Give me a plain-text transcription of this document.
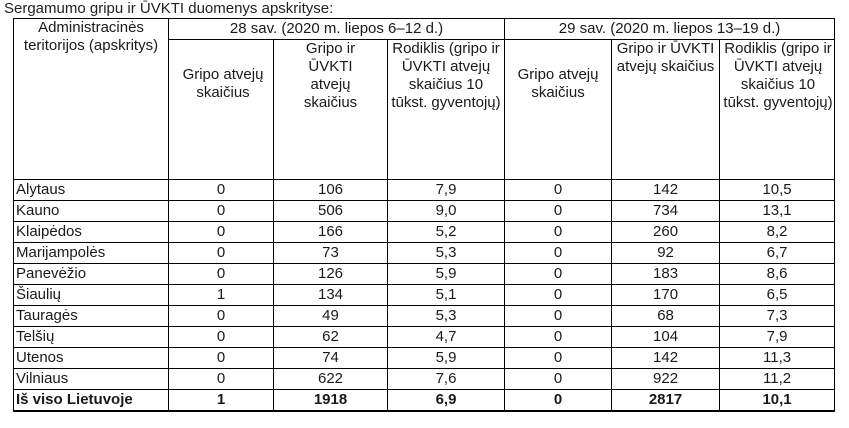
Sergamumo gripu ir ŪVKTI duomenys apskrityse:
Administracinės teritorijos (apskritys)	28 sav. (2020 m. liepos 6–12 d.)			29 sav. (2020 m. liepos 13–19 d.)		

	Gripo atvejų skaičius	Gripo ir ŪVKTI atvejų skaičius	Rodiklis (gripo ir ŪVKTI atvejų skaičius 10 tūkst. gyventojų)	Gripo atvejų skaičius	Gripo ir ŪVKTI atvejų skaičius	Rodiklis (gripo ir ŪVKTI atvejų skaičius 10 tūkst. gyventojų)

Alytaus	0	106	7,9	0	142	10,5
Kauno	0	506	9,0	0	734	13,1
Klaipėdos	0	166	5,2	0	260	8,2
Marijampolės	0	73	5,3	0	92	6,7
Panevėžio	0	126	5,9	0	183	8,6
Šiaulių	1	134	5,1	0	170	6,5
Tauragės	0	49	5,3	0	68	7,3
Telšių	0	62	4,7	0	104	7,9
Utenos	0	74	5,9	0	142	11,3
Vilniaus	0	622	7,6	0	922	11,2
Iš viso Lietuvoje	1	1918	6,9	0	2817	10,1
